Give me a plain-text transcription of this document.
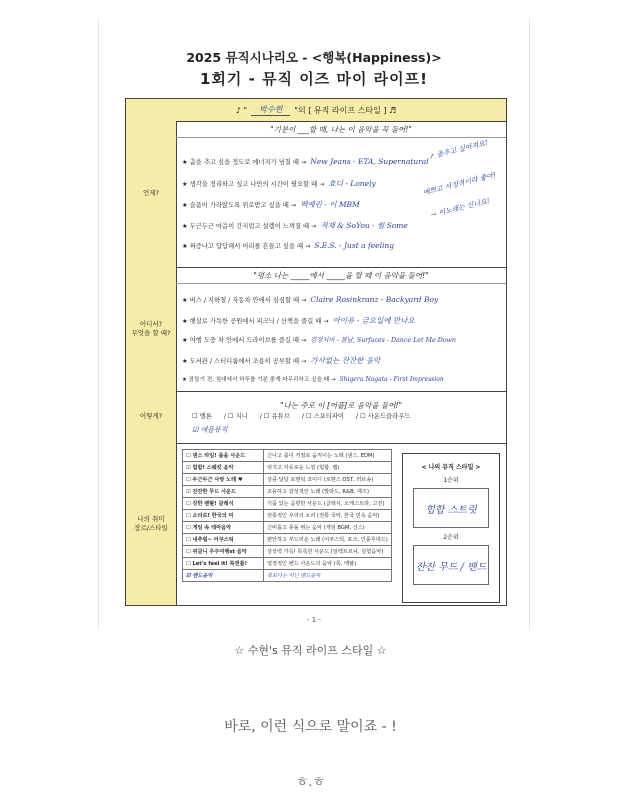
2025 뮤직시나리오 - <행복(Happiness)>
1회기 - 뮤직 이즈 마이 라이프!
♪ "	박수현	"의 [ 뮤직 라이프 스타일 ] ♬
언제?
"기분이 ___할 때, 나는 이 음악을 꼭 들어!"
★ 춤을 추고 싶을 정도로 에너지가 넘칠 때 → New Jeans - ETA, Supernatural
★ 생각을 정리하고 싶고 나만의 시간이 필요할 때 → 효디 - Lonely
★ 슬픔이 가라앉도록 위로받고 싶을 때 → 백예린 - 이 MBM
★ 두근두근 마음이 간지럽고 설렘이 느껴질 때 → 적재 & SoYou - 썸 Some
★ 짜증나고 답답해서 머리를 흔들고 싶을 때 → S.E.S. - Just a feeling
↗ 춤추고 싶어져요!
예쁘고 서정적이라 좋아!
→ 이노래는 신나요!
어디서?
무엇을 할 때?
"평소 나는 _____에서 _____을 할 때 이 음악을 들어!"
★ 버스 / 지하철 / 자동차 안에서 심심할 때 → Claire Rosinkranz - Backyard Boy
★ 햇살로 가득한 공원에서 피크닉 / 산책을 즐길 때 → 아이유 - 금요일에 만나요
★ 여행 도중 차 안에서 드라이브를 즐길 때 → 검정치마 - 봄날, Surfaces - Dance Let Me Down
★ 도서관 / 스터디룸에서 조용히 공부할 때 → 가사없는 잔잔한 음악
★ 잠들기 전, 침대에서 하루를 기분 좋게 마무리하고 싶을 때 → Shigeru Nagata - First Impression
어떻게?
"나는 주로 이 [어플]로 음악을 들어!"
☐ 멜론 / ☐ 지니 / ☐ 유튜브 / ☐ 스포티파이 / ☐ 사운드클라우드
☑ 애플뮤직
나의 취미
장르/스타일
☐ 댄스 타임! 몸을 사운드	신나고 몸이 저절로 움직이는 노래 (댄스, EDM)
☑ 힙합! 스웨킷 음악	멋지고 자유로운 느낌 (힙합, 랩)
☐ 두근두근 사랑 노래 ♥	상큼·달달 로맨틱 코미디 (로맨스 OST, 러브송)
☑ 잔잔한 무드 사운드	조용하고 감성적인 노래 (발라드, R&B, 재즈)
☐ 강한 밴탈! 클래식	기품 있는 음향한 사운드 (클래식, 오케스트라, 고전)
☐ 소리로! 한국의 미	전통적인 우리의 소리 (전통 국악, 한국 민속 음악)
☐ 게임 속 테마음악	신비롭고 몽돌 튀는 음악 (게임 BGM, 신스)
☐ 내추럴~ 어쿠스틱	편안하고 부드러운 노래 (어쿠스틱, 포크, 인플루대드)
☐ 위클니 우주여행st 음악	상상력 가득! 특특한 사운드 (일렉트로닉, 실험음악)
☐ Let's feel it! 록앤롤!	열정적인 밴드 사운드의 음악 (록, 메탈)
☑ 밴드음악	록보다는 아닌 밴드음악
< 나의 뮤직 스타일 >
1순위
힙합 스트릿
2순위
잔잔 무드 / 밴드
- 1 -
☆ 수현's 뮤직 라이프 스타일 ☆
바로, 이런 식으로 말이죠 - !
ㅎ.ㅎ
